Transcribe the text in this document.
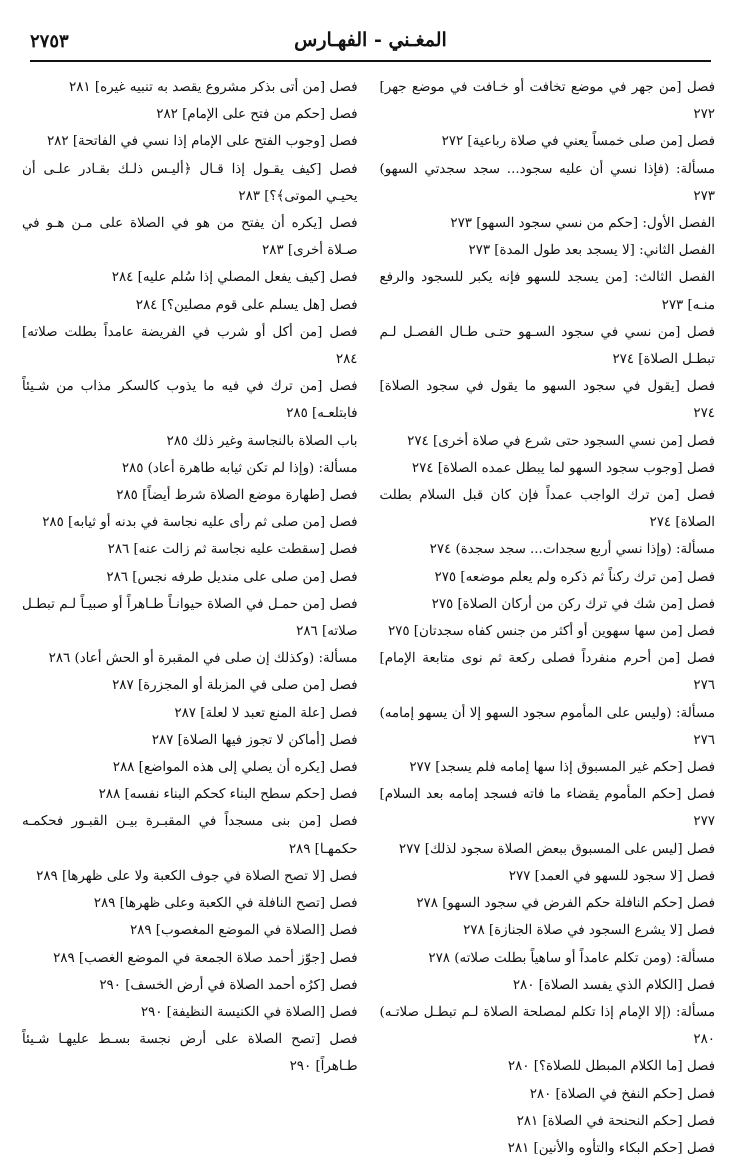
المغـني - الفهـارس
٢٧٥٣

فصل [من جهر في موضع تخافت أو خـافت في موضع جهر] ٢٧٢

فصل [من صلى خمساً يعني في صلاة رباعية] ٢٧٢

مسألة: (فإذا نسي أن عليه سجود... سجد سجدتي السهو) ٢٧٣

الفصل الأول: [حكم من نسي سجود السهو] ٢٧٣

الفصل الثاني: [لا يسجد بعد طول المدة] ٢٧٣

الفصل الثالث: [من يسجد للسهو فإنه يكبر للسجود والرفع منـه] ٢٧٣

فصل [من نسي في سجود السـهو حتـى طـال الفصـل لـم تبطـل الصلاة] ٢٧٤

فصل [يقول في سجود السهو ما يقول في سجود الصلاة] ٢٧٤

فصل [من نسي السجود حتى شرع في صلاة أخرى] ٢٧٤

فصل [وجوب سجود السهو لما يبطل عمده الصلاة] ٢٧٤

فصل [من ترك الواجب عمداً فإن كان قبل السلام بطلت الصلاة] ٢٧٤

مسألة: (وإذا نسي أربع سجدات... سجد سجدة) ٢٧٤

فصل [من ترك ركناً ثم ذكره ولم يعلم موضعه] ٢٧٥

فصل [من شك في ترك ركن من أركان الصلاة] ٢٧٥

فصل [من سها سهوين أو أكثر من جنس كفاه سجدتان] ٢٧٥

فصل [من أحرم منفرداً فصلى ركعة ثم نوى متابعة الإمام] ٢٧٦

مسألة: (وليس على المأموم سجود السهو إلا أن يسهو إمامه) ٢٧٦

فصل [حكم غير المسبوق إذا سها إمامه فلم يسجد] ٢٧٧

فصل [حكم المأموم يقضاء ما فاته فسجد إمامه بعد السلام] ٢٧٧

فصل [ليس على المسبوق ببعض الصلاة سجود لذلك] ٢٧٧

فصل [لا سجود للسهو في العمد] ٢٧٧

فصل [حكم النافلة حكم الفرض في سجود السهو] ٢٧٨

فصل [لا يشرع السجود في صلاة الجنازة] ٢٧٨

مسألة: (ومن تكلم عامداً أو ساهياً بطلت صلاته) ٢٧٨

فصل [الكلام الذي يفسد الصلاة] ٢٨٠

مسألة: (إلا الإمام إذا تكلم لمصلحة الصلاة لـم تبطـل صلاتـه) ٢٨٠

فصل [ما الكلام المبطل للصلاة؟] ٢٨٠

فصل [حكم النفخ في الصلاة] ٢٨٠

فصل [حكم النحنحة في الصلاة] ٢٨١

فصل [حكم البكاء والتأوه والأنين] ٢٨١

فصل [من أتى بذكر مشروع يقصد به تنبيه غيره] ٢٨١

فصل [حكم من فتح على الإمام] ٢٨٢

فصل [وجوب الفتح على الإمام إذا نسي في الفاتحة] ٢٨٢

فصل [كيف يقـول إذا قـال ﴿أليـس ذلـك بقـادر علـى أن يحيـي الموتى﴾؟] ٢٨٣

فصل [يكره أن يفتح من هو في الصلاة على مـن هـو في صـلاة أخرى] ٢٨٣

فصل [كيف يفعل المصلي إذا سُلم عليه] ٢٨٤

فصل [هل يسلم على قوم مصلين؟] ٢٨٤

فصل [من أكل أو شرب في الفريضة عامداً بطلت صلاته] ٢٨٤

فصل [من ترك في فيه ما يذوب كالسكر مذاب من شـيئاً فابتلعـه] ٢٨٥

باب الصلاة بالنجاسة وغير ذلك ٢٨٥

مسألة: (وإذا لم تكن ثيابه طاهرة أعاد) ٢٨٥

فصل [طهارة موضع الصلاة شرط أيضاً] ٢٨٥

فصل [من صلى ثم رأى عليه نجاسة في بدنه أو ثيابه] ٢٨٥

فصل [سقطت عليه نجاسة ثم زالت عنه] ٢٨٦

فصل [من صلى على منديل طرفه نجس] ٢٨٦

فصل [من حمـل في الصلاة حيوانـاً طـاهراً أو صبيـاً لـم تبطـل صلاته] ٢٨٦

مسألة: (وكذلك إن صلى في المقبرة أو الحش أعاد) ٢٨٦

فصل [من صلى في المزبلة أو المجزرة] ٢٨٧

فصل [علة المنع تعبد لا لعلة] ٢٨٧

فصل [أماكن لا تجوز فيها الصلاة] ٢٨٧

فصل [يكره أن يصلي إلى هذه المواضع] ٢٨٨

فصل [حكم سطح البناء كحكم البناء نفسه] ٢٨٨

فصل [من بنى مسجداً في المقبـرة بيـن القبـور فحكمـه حكمهـا] ٢٨٩

فصل [لا تصح الصلاة في جوف الكعبة ولا على ظهرها] ٢٨٩

فصل [تصح النافلة في الكعبة وعلى ظهرها] ٢٨٩

فصل [الصلاة في الموضع المغصوب] ٢٨٩

فصل [جوّز أحمد صلاة الجمعة في الموضع الغصب] ٢٨٩

فصل [كرُه أحمد الصلاة في أرض الخسف] ٢٩٠

فصل [الصلاة في الكنيسة النظيفة] ٢٩٠

فصل [تصح الصلاة على أرض نجسة بسـط عليهـا شـيئاً طـاهراً] ٢٩٠
